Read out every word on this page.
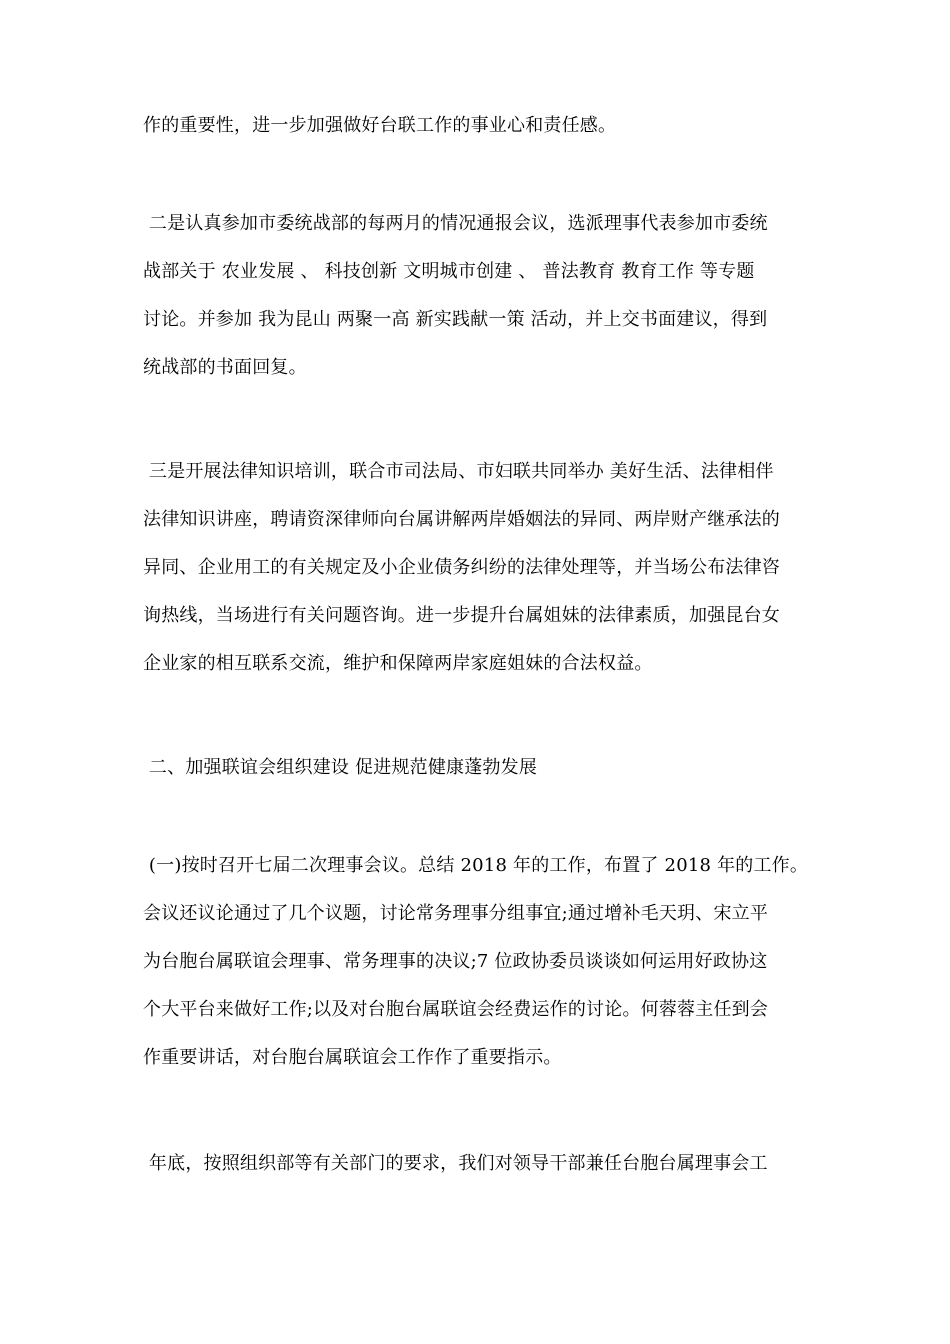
作的重要性，进一步加强做好台联工作的事业心和责任感。

二是认真参加市委统战部的每两月的情况通报会议，选派理事代表参加市委统
战部关于 农业发展 、 科技创新 文明城市创建 、 普法教育 教育工作 等专题
讨论。并参加 我为昆山 两聚一高 新实践献一策 活动，并上交书面建议，得到
统战部的书面回复。

三是开展法律知识培训，联合市司法局、市妇联共同举办 美好生活、法律相伴
法律知识讲座，聘请资深律师向台属讲解两岸婚姻法的异同、两岸财产继承法的
异同、企业用工的有关规定及小企业债务纠纷的法律处理等，并当场公布法律咨
询热线，当场进行有关问题咨询。进一步提升台属姐妹的法律素质，加强昆台女
企业家的相互联系交流，维护和保障两岸家庭姐妹的合法权益。

二、加强联谊会组织建设 促进规范健康蓬勃发展

(一)按时召开七届二次理事会议。总结 2018 年的工作，布置了 2018 年的工作。
会议还议论通过了几个议题，讨论常务理事分组事宜;通过增补毛天玥、宋立平
为台胞台属联谊会理事、常务理事的决议;7 位政协委员谈谈如何运用好政协这
个大平台来做好工作;以及对台胞台属联谊会经费运作的讨论。何蓉蓉主任到会
作重要讲话，对台胞台属联谊会工作作了重要指示。

年底，按照组织部等有关部门的要求，我们对领导干部兼任台胞台属理事会工
